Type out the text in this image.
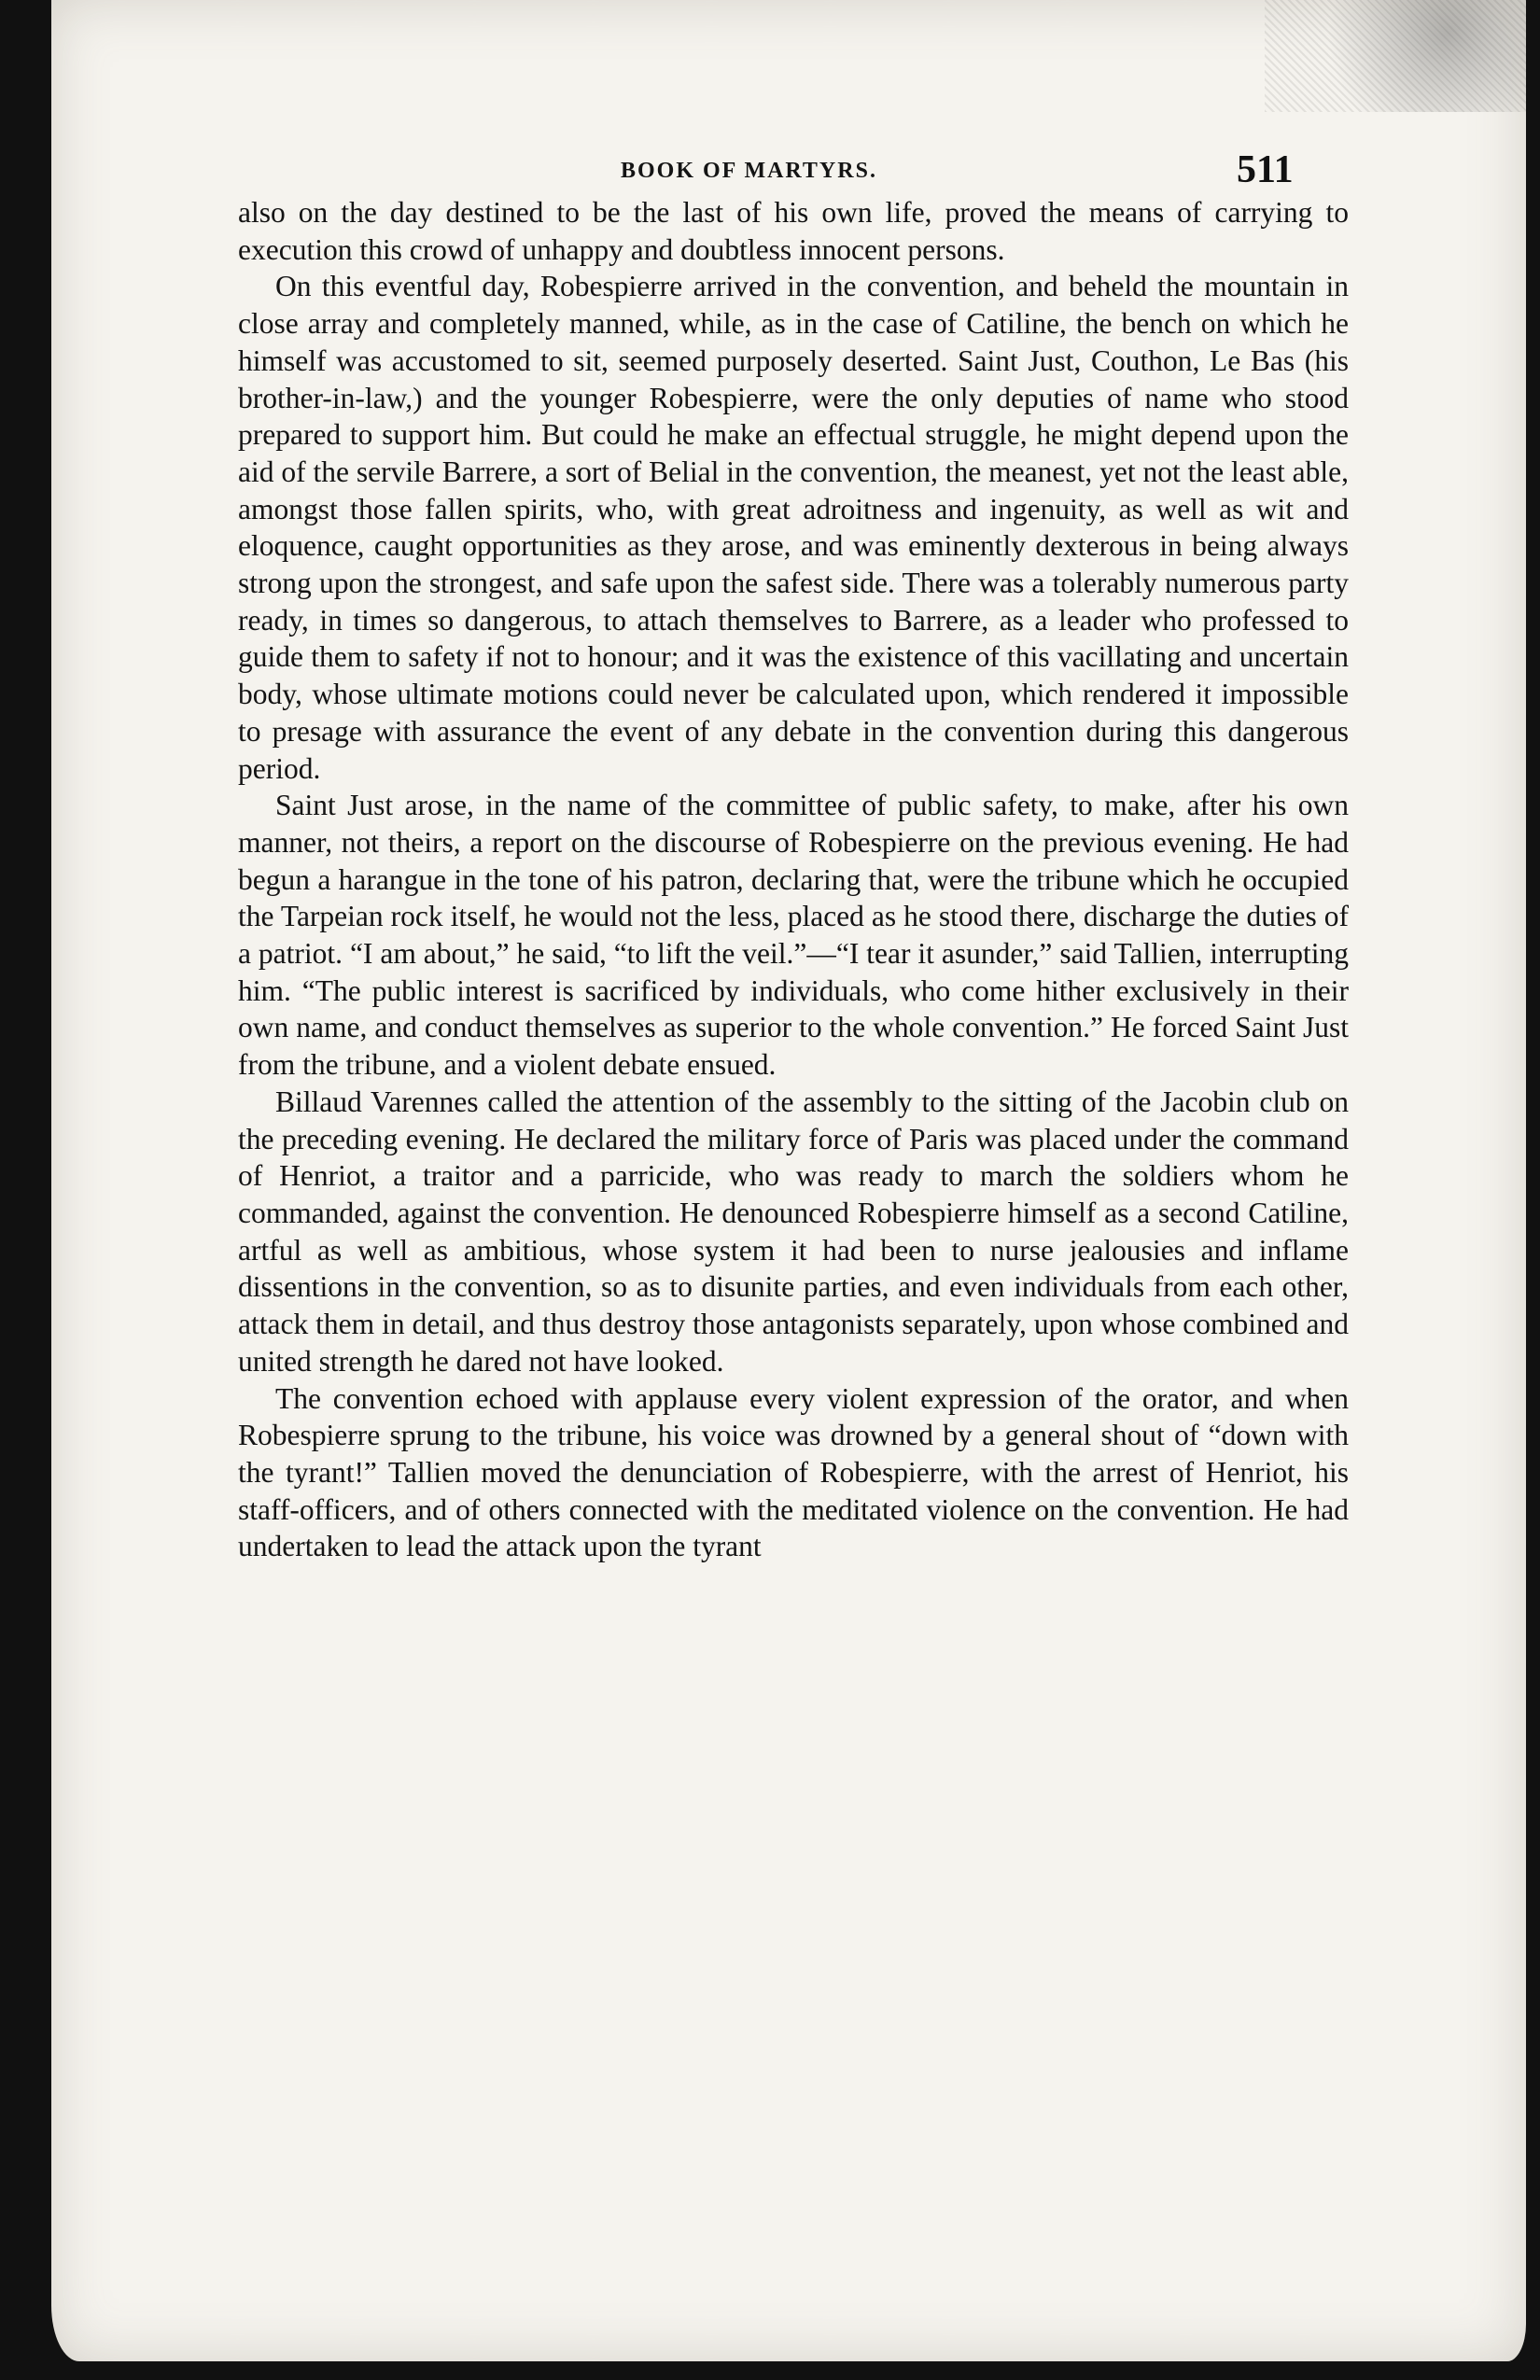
BOOK OF MARTYRS.	511

also on the day destined to be the last of his own life, proved the means of carrying to execution this crowd of unhappy and doubtless innocent persons.

On this eventful day, Robespierre arrived in the convention, and beheld the mountain in close array and completely manned, while, as in the case of Catiline, the bench on which he himself was accustomed to sit, seemed purposely deserted. Saint Just, Couthon, Le Bas (his brother-in-law,) and the younger Robespierre, were the only deputies of name who stood prepared to support him. But could he make an effectual struggle, he might depend upon the aid of the servile Barrere, a sort of Belial in the convention, the meanest, yet not the least able, amongst those fallen spirits, who, with great adroitness and ingenuity, as well as wit and eloquence, caught opportunities as they arose, and was eminently dexterous in being always strong upon the strongest, and safe upon the safest side. There was a tolerably numerous party ready, in times so dangerous, to attach themselves to Barrere, as a leader who professed to guide them to safety if not to honour; and it was the existence of this vacillating and uncertain body, whose ultimate motions could never be calculated upon, which rendered it impossible to presage with assurance the event of any debate in the convention during this dangerous period.

Saint Just arose, in the name of the committee of public safety, to make, after his own manner, not theirs, a report on the discourse of Robespierre on the previous evening. He had begun a harangue in the tone of his patron, declaring that, were the tribune which he occupied the Tarpeian rock itself, he would not the less, placed as he stood there, discharge the duties of a patriot. “I am about,” he said, “to lift the veil.”—“I tear it asunder,” said Tallien, interrupting him. “The public interest is sacrificed by individuals, who come hither exclusively in their own name, and conduct themselves as superior to the whole convention.” He forced Saint Just from the tribune, and a violent debate ensued.

Billaud Varennes called the attention of the assembly to the sitting of the Jacobin club on the preceding evening. He declared the military force of Paris was placed under the command of Henriot, a traitor and a parricide, who was ready to march the soldiers whom he commanded, against the convention. He denounced Robespierre himself as a second Catiline, artful as well as ambitious, whose system it had been to nurse jealousies and inflame dissentions in the convention, so as to disunite parties, and even individuals from each other, attack them in detail, and thus destroy those antagonists separately, upon whose combined and united strength he dared not have looked.

The convention echoed with applause every violent expression of the orator, and when Robespierre sprung to the tribune, his voice was drowned by a general shout of “down with the tyrant!” Tallien moved the denunciation of Robespierre, with the arrest of Henriot, his staff-officers, and of others connected with the meditated violence on the convention. He had undertaken to lead the attack upon the tyrant
